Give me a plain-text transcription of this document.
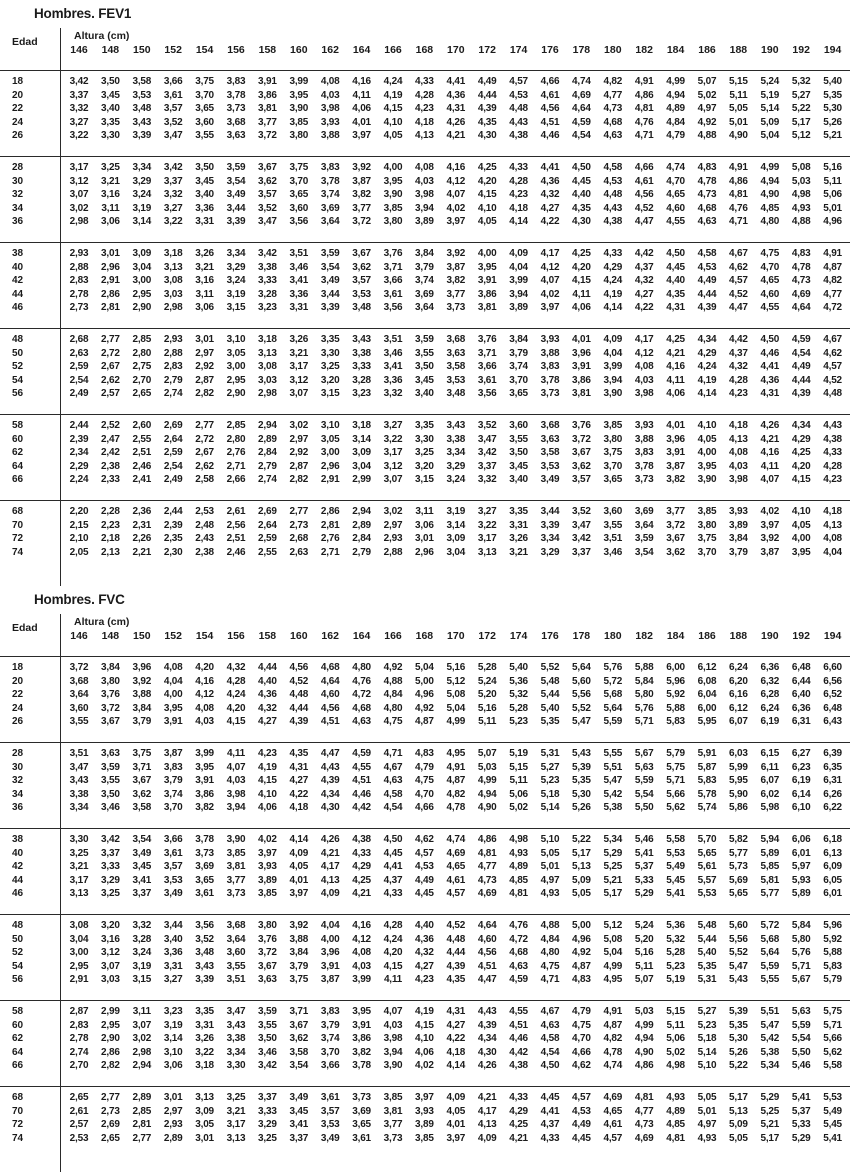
Hombres. FEV1
Edad	Altura (cm)
146	148	150	152	154	156	158	160	162	164	166	168	170	172	174	176	178	180	182	184	186	188	190	192	194
18	3,42	3,50	3,58	3,66	3,75	3,83	3,91	3,99	4,08	4,16	4,24	4,33	4,41	4,49	4,57	4,66	4,74	4,82	4,91	4,99	5,07	5,15	5,24	5,32	5,40
20	3,37	3,45	3,53	3,61	3,70	3,78	3,86	3,95	4,03	4,11	4,19	4,28	4,36	4,44	4,53	4,61	4,69	4,77	4,86	4,94	5,02	5,11	5,19	5,27	5,35
22	3,32	3,40	3,48	3,57	3,65	3,73	3,81	3,90	3,98	4,06	4,15	4,23	4,31	4,39	4,48	4,56	4,64	4,73	4,81	4,89	4,97	5,05	5,14	5,22	5,30
24	3,27	3,35	3,43	3,52	3,60	3,68	3,77	3,85	3,93	4,01	4,10	4,18	4,26	4,35	4,43	4,51	4,59	4,68	4,76	4,84	4,92	5,01	5,09	5,17	5,26
26	3,22	3,30	3,39	3,47	3,55	3,63	3,72	3,80	3,88	3,97	4,05	4,13	4,21	4,30	4,38	4,46	4,54	4,63	4,71	4,79	4,88	4,90	5,04	5,12	5,21
28	3,17	3,25	3,34	3,42	3,50	3,59	3,67	3,75	3,83	3,92	4,00	4,08	4,16	4,25	4,33	4,41	4,50	4,58	4,66	4,74	4,83	4,91	4,99	5,08	5,16
30	3,12	3,21	3,29	3,37	3,45	3,54	3,62	3,70	3,78	3,87	3,95	4,03	4,12	4,20	4,28	4,36	4,45	4,53	4,61	4,70	4,78	4,86	4,94	5,03	5,11
32	3,07	3,16	3,24	3,32	3,40	3,49	3,57	3,65	3,74	3,82	3,90	3,98	4,07	4,15	4,23	4,32	4,40	4,48	4,56	4,65	4,73	4,81	4,90	4,98	5,06
34	3,02	3,11	3,19	3,27	3,36	3,44	3,52	3,60	3,69	3,77	3,85	3,94	4,02	4,10	4,18	4,27	4,35	4,43	4,52	4,60	4,68	4,76	4,85	4,93	5,01
36	2,98	3,06	3,14	3,22	3,31	3,39	3,47	3,56	3,64	3,72	3,80	3,89	3,97	4,05	4,14	4,22	4,30	4,38	4,47	4,55	4,63	4,71	4,80	4,88	4,96
38	2,93	3,01	3,09	3,18	3,26	3,34	3,42	3,51	3,59	3,67	3,76	3,84	3,92	4,00	4,09	4,17	4,25	4,33	4,42	4,50	4,58	4,67	4,75	4,83	4,91
40	2,88	2,96	3,04	3,13	3,21	3,29	3,38	3,46	3,54	3,62	3,71	3,79	3,87	3,95	4,04	4,12	4,20	4,29	4,37	4,45	4,53	4,62	4,70	4,78	4,87
42	2,83	2,91	3,00	3,08	3,16	3,24	3,33	3,41	3,49	3,57	3,66	3,74	3,82	3,91	3,99	4,07	4,15	4,24	4,32	4,40	4,49	4,57	4,65	4,73	4,82
44	2,78	2,86	2,95	3,03	3,11	3,19	3,28	3,36	3,44	3,53	3,61	3,69	3,77	3,86	3,94	4,02	4,11	4,19	4,27	4,35	4,44	4,52	4,60	4,69	4,77
46	2,73	2,81	2,90	2,98	3,06	3,15	3,23	3,31	3,39	3,48	3,56	3,64	3,73	3,81	3,89	3,97	4,06	4,14	4,22	4,31	4,39	4,47	4,55	4,64	4,72
48	2,68	2,77	2,85	2,93	3,01	3,10	3,18	3,26	3,35	3,43	3,51	3,59	3,68	3,76	3,84	3,93	4,01	4,09	4,17	4,25	4,34	4,42	4,50	4,59	4,67
50	2,63	2,72	2,80	2,88	2,97	3,05	3,13	3,21	3,30	3,38	3,46	3,55	3,63	3,71	3,79	3,88	3,96	4,04	4,12	4,21	4,29	4,37	4,46	4,54	4,62
52	2,59	2,67	2,75	2,83	2,92	3,00	3,08	3,17	3,25	3,33	3,41	3,50	3,58	3,66	3,74	3,83	3,91	3,99	4,08	4,16	4,24	4,32	4,41	4,49	4,57
54	2,54	2,62	2,70	2,79	2,87	2,95	3,03	3,12	3,20	3,28	3,36	3,45	3,53	3,61	3,70	3,78	3,86	3,94	4,03	4,11	4,19	4,28	4,36	4,44	4,52
56	2,49	2,57	2,65	2,74	2,82	2,90	2,98	3,07	3,15	3,23	3,32	3,40	3,48	3,56	3,65	3,73	3,81	3,90	3,98	4,06	4,14	4,23	4,31	4,39	4,48
58	2,44	2,52	2,60	2,69	2,77	2,85	2,94	3,02	3,10	3,18	3,27	3,35	3,43	3,52	3,60	3,68	3,76	3,85	3,93	4,01	4,10	4,18	4,26	4,34	4,43
60	2,39	2,47	2,55	2,64	2,72	2,80	2,89	2,97	3,05	3,14	3,22	3,30	3,38	3,47	3,55	3,63	3,72	3,80	3,88	3,96	4,05	4,13	4,21	4,29	4,38
62	2,34	2,42	2,51	2,59	2,67	2,76	2,84	2,92	3,00	3,09	3,17	3,25	3,34	3,42	3,50	3,58	3,67	3,75	3,83	3,91	4,00	4,08	4,16	4,25	4,33
64	2,29	2,38	2,46	2,54	2,62	2,71	2,79	2,87	2,96	3,04	3,12	3,20	3,29	3,37	3,45	3,53	3,62	3,70	3,78	3,87	3,95	4,03	4,11	4,20	4,28
66	2,24	2,33	2,41	2,49	2,58	2,66	2,74	2,82	2,91	2,99	3,07	3,15	3,24	3,32	3,40	3,49	3,57	3,65	3,73	3,82	3,90	3,98	4,07	4,15	4,23
68	2,20	2,28	2,36	2,44	2,53	2,61	2,69	2,77	2,86	2,94	3,02	3,11	3,19	3,27	3,35	3,44	3,52	3,60	3,69	3,77	3,85	3,93	4,02	4,10	4,18
70	2,15	2,23	2,31	2,39	2,48	2,56	2,64	2,73	2,81	2,89	2,97	3,06	3,14	3,22	3,31	3,39	3,47	3,55	3,64	3,72	3,80	3,89	3,97	4,05	4,13
72	2,10	2,18	2,26	2,35	2,43	2,51	2,59	2,68	2,76	2,84	2,93	3,01	3,09	3,17	3,26	3,34	3,42	3,51	3,59	3,67	3,75	3,84	3,92	4,00	4,08
74	2,05	2,13	2,21	2,30	2,38	2,46	2,55	2,63	2,71	2,79	2,88	2,96	3,04	3,13	3,21	3,29	3,37	3,46	3,54	3,62	3,70	3,79	3,87	3,95	4,04
Hombres. FVC
Edad	Altura (cm)
146	148	150	152	154	156	158	160	162	164	166	168	170	172	174	176	178	180	182	184	186	188	190	192	194
18	3,72	3,84	3,96	4,08	4,20	4,32	4,44	4,56	4,68	4,80	4,92	5,04	5,16	5,28	5,40	5,52	5,64	5,76	5,88	6,00	6,12	6,24	6,36	6,48	6,60
20	3,68	3,80	3,92	4,04	4,16	4,28	4,40	4,52	4,64	4,76	4,88	5,00	5,12	5,24	5,36	5,48	5,60	5,72	5,84	5,96	6,08	6,20	6,32	6,44	6,56
22	3,64	3,76	3,88	4,00	4,12	4,24	4,36	4,48	4,60	4,72	4,84	4,96	5,08	5,20	5,32	5,44	5,56	5,68	5,80	5,92	6,04	6,16	6,28	6,40	6,52
24	3,60	3,72	3,84	3,95	4,08	4,20	4,32	4,44	4,56	4,68	4,80	4,92	5,04	5,16	5,28	5,40	5,52	5,64	5,76	5,88	6,00	6,12	6,24	6,36	6,48
26	3,55	3,67	3,79	3,91	4,03	4,15	4,27	4,39	4,51	4,63	4,75	4,87	4,99	5,11	5,23	5,35	5,47	5,59	5,71	5,83	5,95	6,07	6,19	6,31	6,43
28	3,51	3,63	3,75	3,87	3,99	4,11	4,23	4,35	4,47	4,59	4,71	4,83	4,95	5,07	5,19	5,31	5,43	5,55	5,67	5,79	5,91	6,03	6,15	6,27	6,39
30	3,47	3,59	3,71	3,83	3,95	4,07	4,19	4,31	4,43	4,55	4,67	4,79	4,91	5,03	5,15	5,27	5,39	5,51	5,63	5,75	5,87	5,99	6,11	6,23	6,35
32	3,43	3,55	3,67	3,79	3,91	4,03	4,15	4,27	4,39	4,51	4,63	4,75	4,87	4,99	5,11	5,23	5,35	5,47	5,59	5,71	5,83	5,95	6,07	6,19	6,31
34	3,38	3,50	3,62	3,74	3,86	3,98	4,10	4,22	4,34	4,46	4,58	4,70	4,82	4,94	5,06	5,18	5,30	5,42	5,54	5,66	5,78	5,90	6,02	6,14	6,26
36	3,34	3,46	3,58	3,70	3,82	3,94	4,06	4,18	4,30	4,42	4,54	4,66	4,78	4,90	5,02	5,14	5,26	5,38	5,50	5,62	5,74	5,86	5,98	6,10	6,22
38	3,30	3,42	3,54	3,66	3,78	3,90	4,02	4,14	4,26	4,38	4,50	4,62	4,74	4,86	4,98	5,10	5,22	5,34	5,46	5,58	5,70	5,82	5,94	6,06	6,18
40	3,25	3,37	3,49	3,61	3,73	3,85	3,97	4,09	4,21	4,33	4,45	4,57	4,69	4,81	4,93	5,05	5,17	5,29	5,41	5,53	5,65	5,77	5,89	6,01	6,13
42	3,21	3,33	3,45	3,57	3,69	3,81	3,93	4,05	4,17	4,29	4,41	4,53	4,65	4,77	4,89	5,01	5,13	5,25	5,37	5,49	5,61	5,73	5,85	5,97	6,09
44	3,17	3,29	3,41	3,53	3,65	3,77	3,89	4,01	4,13	4,25	4,37	4,49	4,61	4,73	4,85	4,97	5,09	5,21	5,33	5,45	5,57	5,69	5,81	5,93	6,05
46	3,13	3,25	3,37	3,49	3,61	3,73	3,85	3,97	4,09	4,21	4,33	4,45	4,57	4,69	4,81	4,93	5,05	5,17	5,29	5,41	5,53	5,65	5,77	5,89	6,01
48	3,08	3,20	3,32	3,44	3,56	3,68	3,80	3,92	4,04	4,16	4,28	4,40	4,52	4,64	4,76	4,88	5,00	5,12	5,24	5,36	5,48	5,60	5,72	5,84	5,96
50	3,04	3,16	3,28	3,40	3,52	3,64	3,76	3,88	4,00	4,12	4,24	4,36	4,48	4,60	4,72	4,84	4,96	5,08	5,20	5,32	5,44	5,56	5,68	5,80	5,92
52	3,00	3,12	3,24	3,36	3,48	3,60	3,72	3,84	3,96	4,08	4,20	4,32	4,44	4,56	4,68	4,80	4,92	5,04	5,16	5,28	5,40	5,52	5,64	5,76	5,88
54	2,95	3,07	3,19	3,31	3,43	3,55	3,67	3,79	3,91	4,03	4,15	4,27	4,39	4,51	4,63	4,75	4,87	4,99	5,11	5,23	5,35	5,47	5,59	5,71	5,83
56	2,91	3,03	3,15	3,27	3,39	3,51	3,63	3,75	3,87	3,99	4,11	4,23	4,35	4,47	4,59	4,71	4,83	4,95	5,07	5,19	5,31	5,43	5,55	5,67	5,79
58	2,87	2,99	3,11	3,23	3,35	3,47	3,59	3,71	3,83	3,95	4,07	4,19	4,31	4,43	4,55	4,67	4,79	4,91	5,03	5,15	5,27	5,39	5,51	5,63	5,75
60	2,83	2,95	3,07	3,19	3,31	3,43	3,55	3,67	3,79	3,91	4,03	4,15	4,27	4,39	4,51	4,63	4,75	4,87	4,99	5,11	5,23	5,35	5,47	5,59	5,71
62	2,78	2,90	3,02	3,14	3,26	3,38	3,50	3,62	3,74	3,86	3,98	4,10	4,22	4,34	4,46	4,58	4,70	4,82	4,94	5,06	5,18	5,30	5,42	5,54	5,66
64	2,74	2,86	2,98	3,10	3,22	3,34	3,46	3,58	3,70	3,82	3,94	4,06	4,18	4,30	4,42	4,54	4,66	4,78	4,90	5,02	5,14	5,26	5,38	5,50	5,62
66	2,70	2,82	2,94	3,06	3,18	3,30	3,42	3,54	3,66	3,78	3,90	4,02	4,14	4,26	4,38	4,50	4,62	4,74	4,86	4,98	5,10	5,22	5,34	5,46	5,58
68	2,65	2,77	2,89	3,01	3,13	3,25	3,37	3,49	3,61	3,73	3,85	3,97	4,09	4,21	4,33	4,45	4,57	4,69	4,81	4,93	5,05	5,17	5,29	5,41	5,53
70	2,61	2,73	2,85	2,97	3,09	3,21	3,33	3,45	3,57	3,69	3,81	3,93	4,05	4,17	4,29	4,41	4,53	4,65	4,77	4,89	5,01	5,13	5,25	5,37	5,49
72	2,57	2,69	2,81	2,93	3,05	3,17	3,29	3,41	3,53	3,65	3,77	3,89	4,01	4,13	4,25	4,37	4,49	4,61	4,73	4,85	4,97	5,09	5,21	5,33	5,45
74	2,53	2,65	2,77	2,89	3,01	3,13	3,25	3,37	3,49	3,61	3,73	3,85	3,97	4,09	4,21	4,33	4,45	4,57	4,69	4,81	4,93	5,05	5,17	5,29	5,41
